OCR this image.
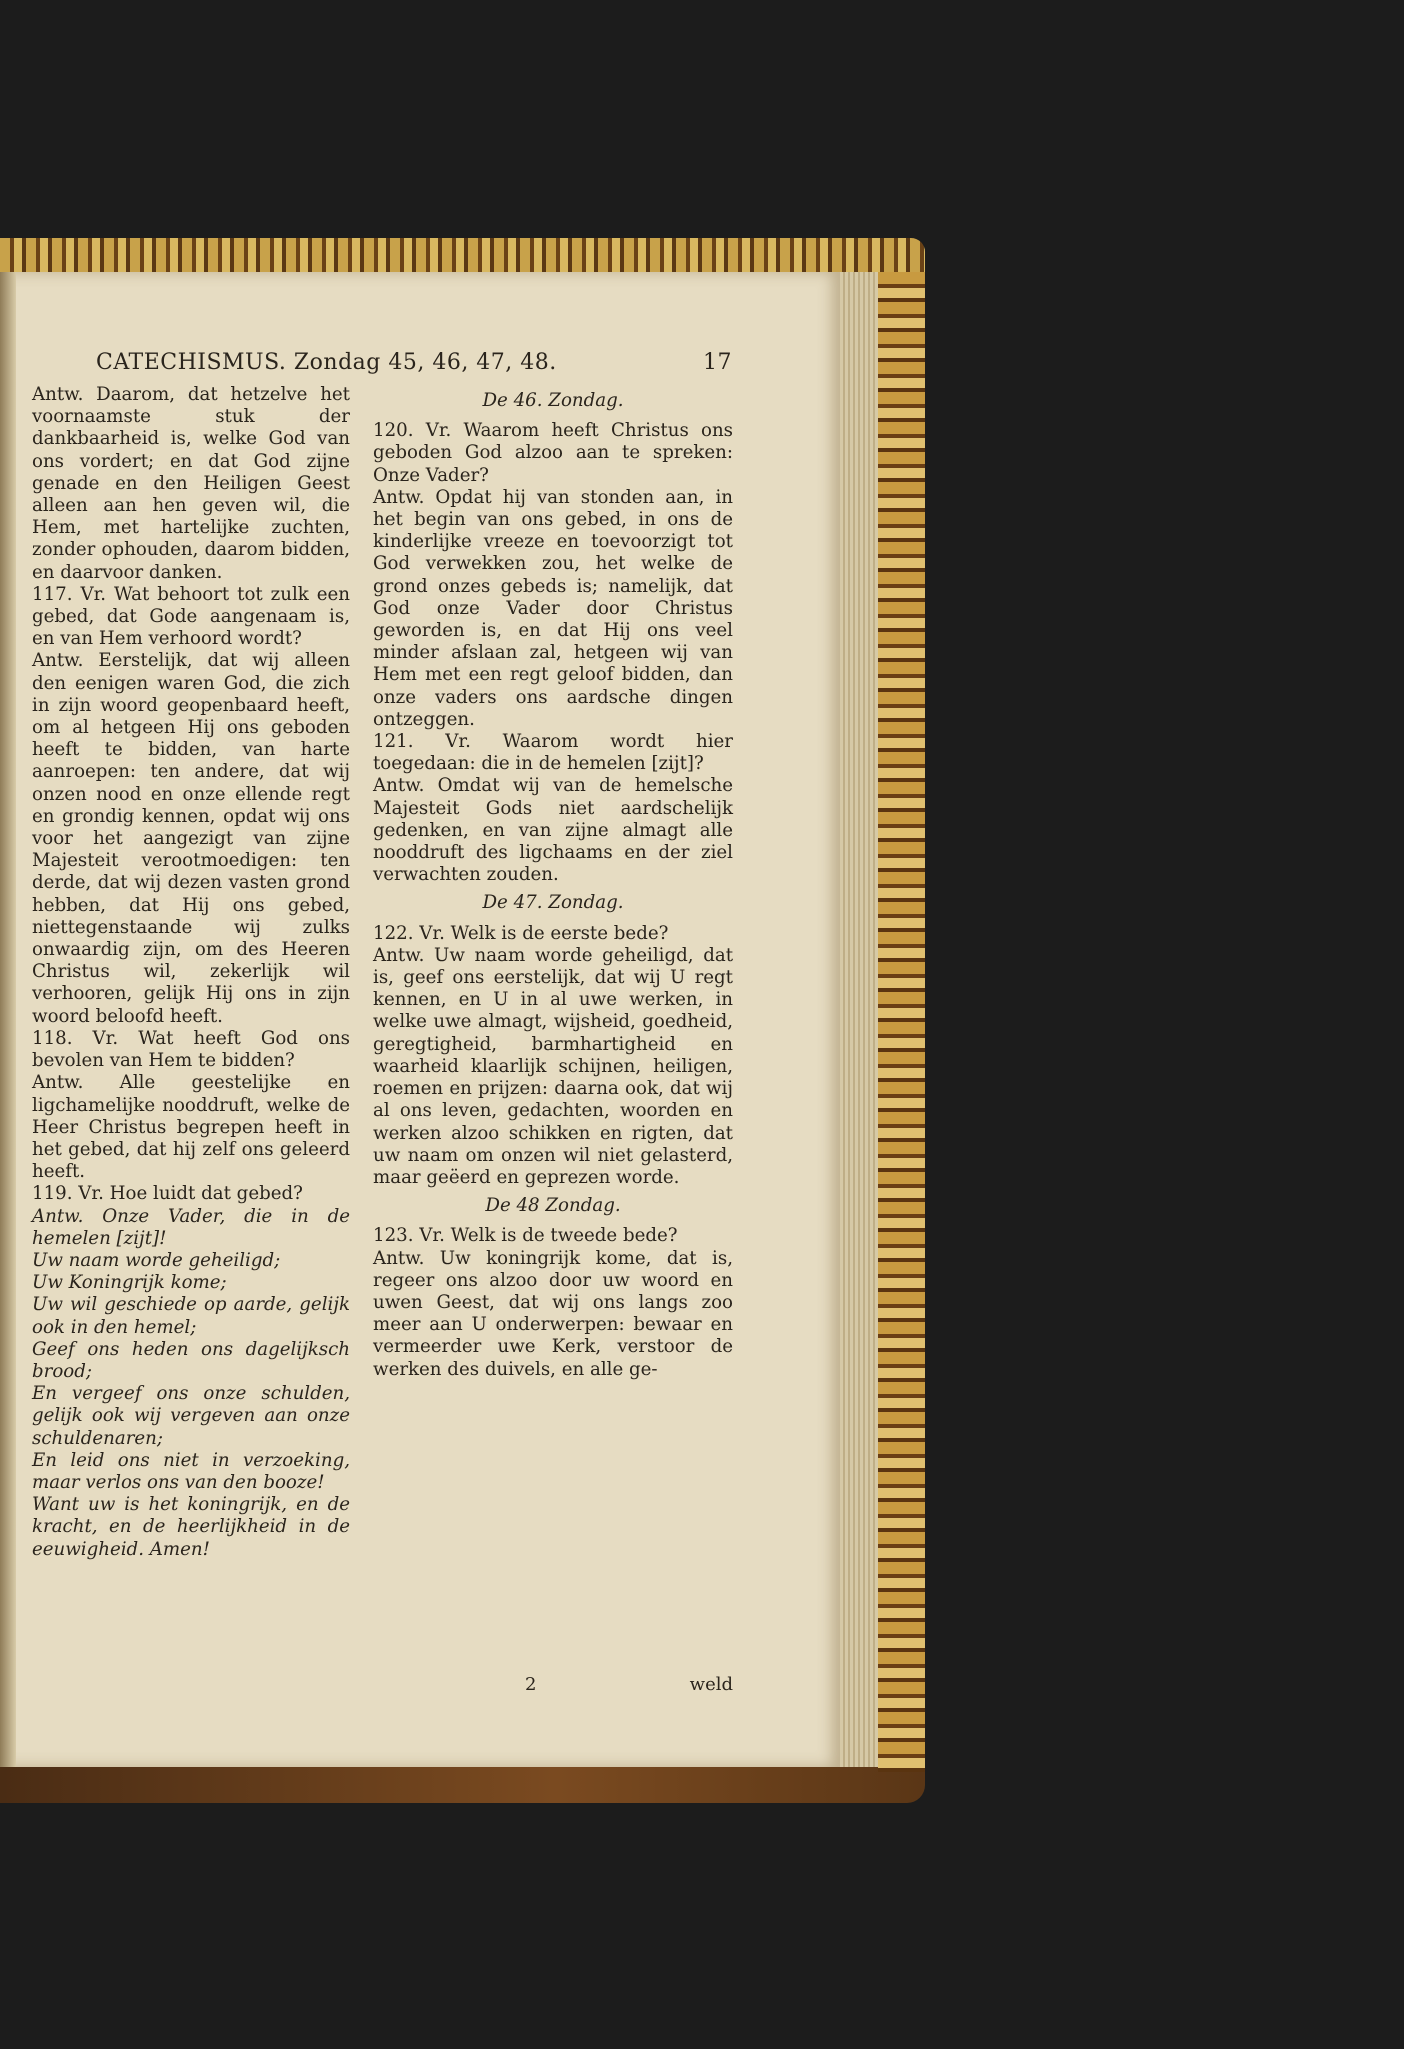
CATECHISMUS. Zondag 45, 46, 47, 48.	17

Antw. Daarom, dat hetzelve het voornaamste stuk der dankbaarheid is, welke God van ons vordert; en dat God zijne genade en den Heiligen Geest alleen aan hen geven wil, die Hem, met hartelijke zuchten, zonder ophouden, daarom bidden, en daarvoor danken.

117. Vr. Wat behoort tot zulk een gebed, dat Gode aangenaam is, en van Hem verhoord wordt?

Antw. Eerstelijk, dat wij alleen den eenigen waren God, die zich in zijn woord geopenbaard heeft, om al hetgeen Hij ons geboden heeft te bidden, van harte aanroepen: ten andere, dat wij onzen nood en onze ellende regt en grondig kennen, opdat wij ons voor het aangezigt van zijne Majesteit verootmoedigen: ten derde, dat wij dezen vasten grond hebben, dat Hij ons gebed, niettegenstaande wij zulks onwaardig zijn, om des Heeren Christus wil, zekerlijk wil verhooren, gelijk Hij ons in zijn woord beloofd heeft.

118. Vr. Wat heeft God ons bevolen van Hem te bidden?

Antw. Alle geestelijke en ligchamelijke nooddruft, welke de Heer Christus begrepen heeft in het gebed, dat hij zelf ons geleerd heeft.

119. Vr. Hoe luidt dat gebed?

Antw. Onze Vader, die in de hemelen [zijt]!

Uw naam worde geheiligd;

Uw Koningrijk kome;

Uw wil geschiede op aarde, gelijk ook in den hemel;

Geef ons heden ons dagelijksch brood;

En vergeef ons onze schulden, gelijk ook wij vergeven aan onze schuldenaren;

En leid ons niet in verzoeking, maar verlos ons van den booze!

Want uw is het koningrijk, en de kracht, en de heerlijkheid in de eeuwigheid. Amen!

De 46. Zondag.

120. Vr. Waarom heeft Christus ons geboden God alzoo aan te spreken: Onze Vader?

Antw. Opdat hij van stonden aan, in het begin van ons gebed, in ons de kinderlijke vreeze en toevoorzigt tot God verwekken zou, het welke de grond onzes gebeds is; namelijk, dat God onze Vader door Christus geworden is, en dat Hij ons veel minder afslaan zal, hetgeen wij van Hem met een regt geloof bidden, dan onze vaders ons aardsche dingen ontzeggen.

121. Vr. Waarom wordt hier toegedaan: die in de hemelen [zijt]?

Antw. Omdat wij van de hemelsche Majesteit Gods niet aardschelijk gedenken, en van zijne almagt alle nooddruft des ligchaams en der ziel verwachten zouden.

De 47. Zondag.

122. Vr. Welk is de eerste bede?

Antw. Uw naam worde geheiligd, dat is, geef ons eerstelijk, dat wij U regt kennen, en U in al uwe werken, in welke uwe almagt, wijsheid, goedheid, geregtigheid, barmhartigheid en waarheid klaarlijk schijnen, heiligen, roemen en prijzen: daarna ook, dat wij al ons leven, gedachten, woorden en werken alzoo schikken en rigten, dat uw naam om onzen wil niet gelasterd, maar geëerd en geprezen worde.

De 48 Zondag.

123. Vr. Welk is de tweede bede?

Antw. Uw koningrijk kome, dat is, regeer ons alzoo door uw woord en uwen Geest, dat wij ons langs zoo meer aan U onderwerpen: bewaar en vermeerder uwe Kerk, verstoor de werken des duivels, en alle ge-

2	weld
